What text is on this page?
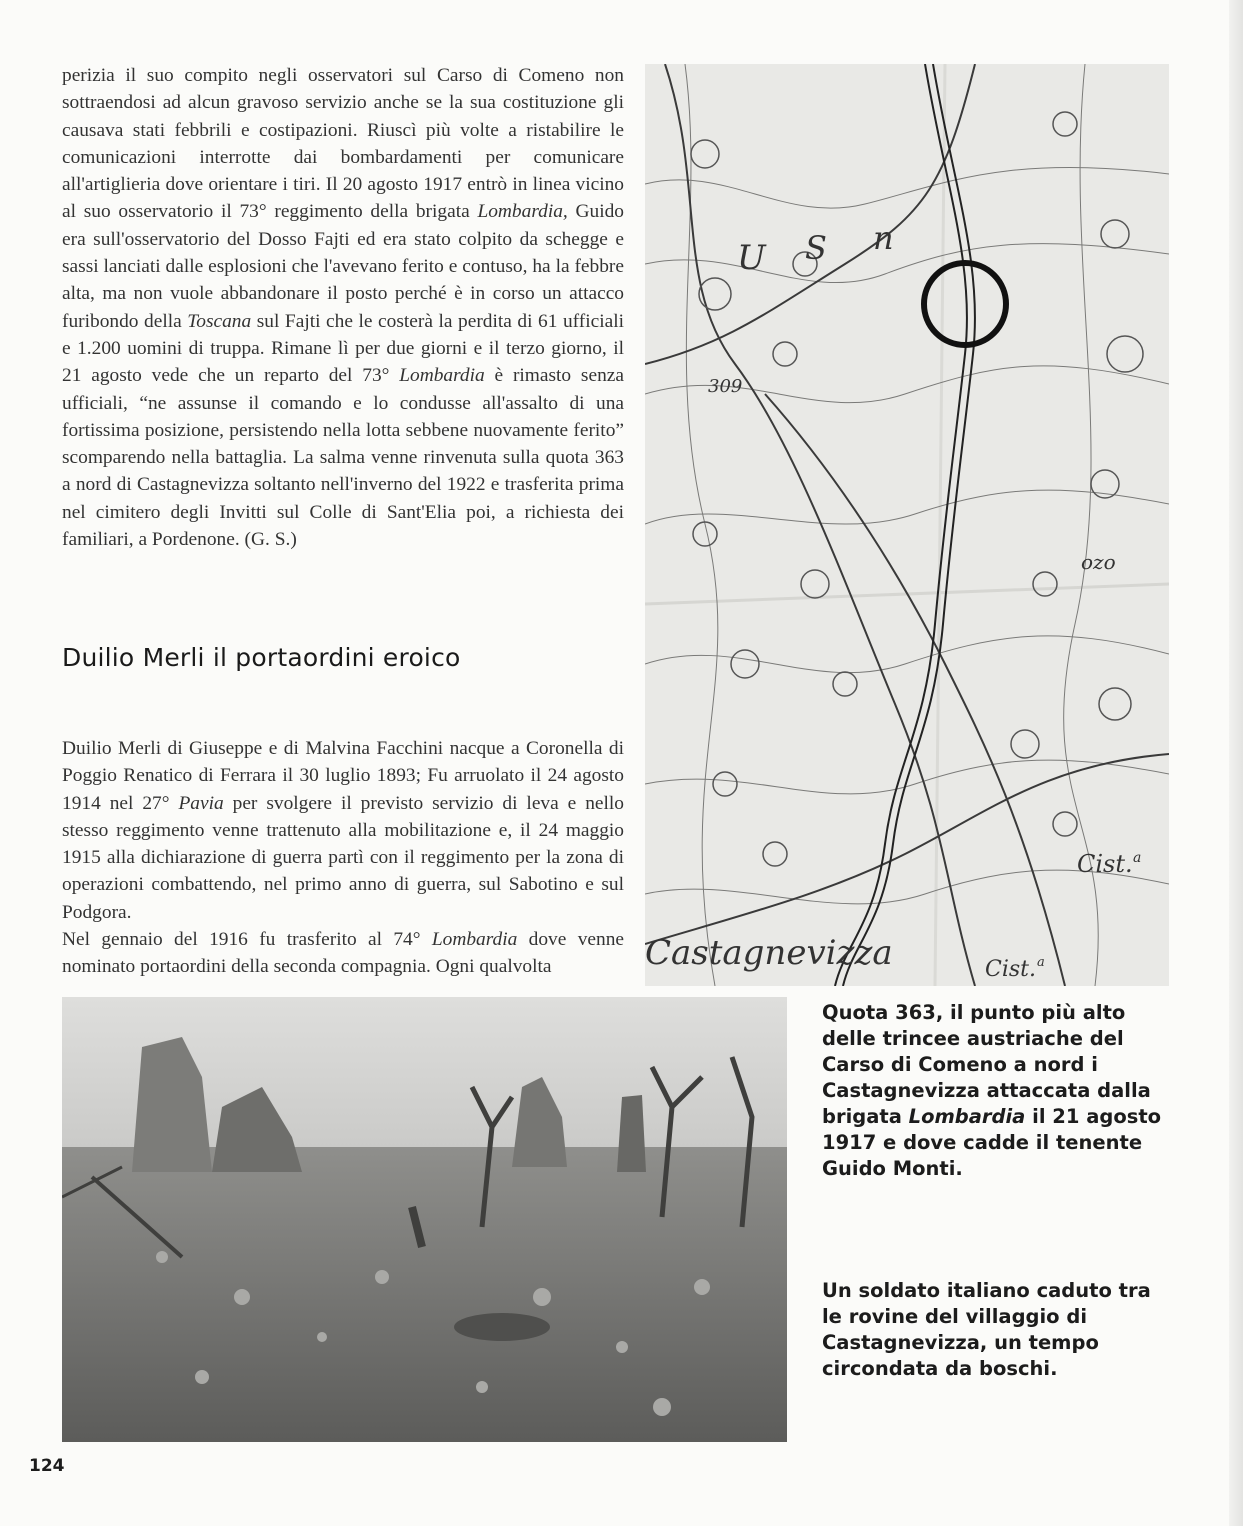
perizia il suo compito negli osservatori sul Carso di Comeno non sottraendosi ad alcun gravoso servizio anche se la sua costituzione gli causava stati febbrili e costipazioni. Riuscì più volte a ristabilire le comunicazioni interrotte dai bombardamenti per comunicare all'artiglieria dove orientare i tiri. Il 20 agosto 1917 entrò in linea vicino al suo osservatorio il 73° reggimento della brigata Lombardia, Guido era sull'osservatorio del Dosso Fajti ed era stato colpito da schegge e sassi lanciati dalle esplosioni che l'avevano ferito e contuso, ha la febbre alta, ma non vuole abbandonare il posto perché è in corso un attacco furibondo della Toscana sul Fajti che le costerà la perdita di 61 ufficiali e 1.200 uomini di truppa. Rimane lì per due giorni e il terzo giorno, il 21 agosto vede che un reparto del 73° Lombardia è rimasto senza ufficiali, “ne assunse il comando e lo condusse all'assalto di una fortissima posizione, persistendo nella lotta sebbene nuovamente ferito” scomparendo nella battaglia. La salma venne rinvenuta sulla quota 363 a nord di Castagnevizza soltanto nell'inverno del 1922 e trasferita prima nel cimitero degli Invitti sul Colle di Sant'Elia poi, a richiesta dei familiari, a Pordenone. (G. S.)

Duilio Merli il portaordini eroico

Duilio Merli di Giuseppe e di Malvina Facchini nacque a Coronella di Poggio Renatico di Ferrara il 30 luglio 1893; Fu arruolato il 24 agosto 1914 nel 27° Pavia per svolgere il previsto servizio di leva e nello stesso reggimento venne trattenuto alla mobilitazione e, il 24 maggio 1915 alla dichiarazione di guerra partì con il reggimento per la zona di operazioni combattendo, nel primo anno di guerra, sul Sabotino e sul Podgora.

Nel gennaio del 1916 fu trasferito al 74° Lombardia dove venne nominato portaordini della seconda compagnia. Ogni qualvolta

U S n
309
ozo
Cist. a
Castagnevizza	Cist. a
Quota 363, il punto più alto delle trincee austriache del Carso di Comeno a nord i Castagnevizza attaccata dalla brigata Lombardia il 21 agosto 1917 e dove cadde il tenente Guido Monti.
Un soldato italiano caduto tra le rovine del villaggio di Castagnevizza, un tempo circondata da boschi.
124
